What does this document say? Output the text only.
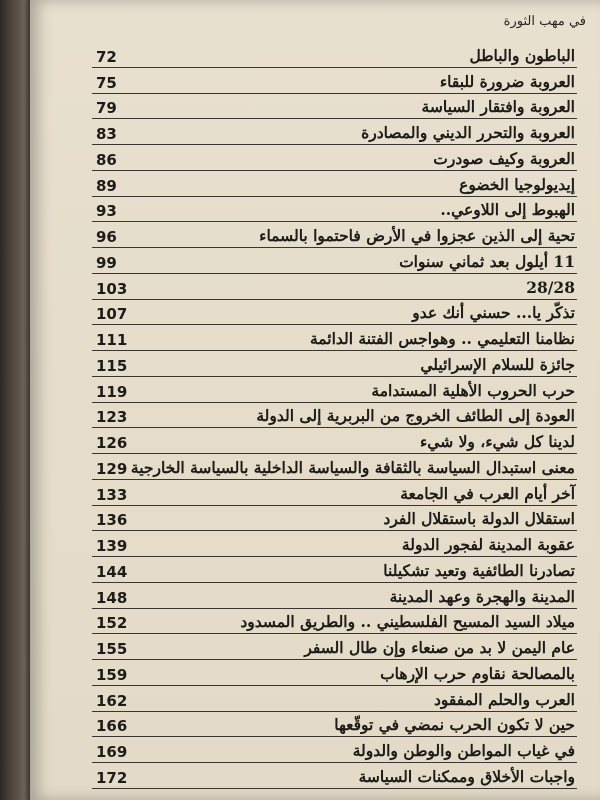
في مهب الثورة
الباطون والباطل
72
العروبة ضرورة للبقاء
75
العروبة وافتقار السياسة
79
العروبة والتحرر الديني والمصادرة
83
العروبة وكيف صودرت
86
إيديولوجيا الخضوع
89
الهبوط إلى اللاوعي..
93
تحية إلى الذين عجزوا في الأرض فاحتموا بالسماء
96
11 أيلول بعد ثماني سنوات
99
28/28
103
تذكّر يا... حسني أنك عدو
107
نظامنا التعليمي .. وهواجس الفتنة الدائمة
111
جائزة للسلام الإسرائيلي
115
حرب الحروب الأهلية المستدامة
119
العودة إلى الطائف الخروج من البربرية إلى الدولة
123
لدينا كل شيء، ولا شيء
126
معنى استبدال السياسة بالثقافة والسياسة الداخلية بالسياسة الخارجية
129
آخر أيام العرب في الجامعة
133
استقلال الدولة باستقلال الفرد
136
عقوبة المدينة لفجور الدولة
139
تصادرنا الطائفية وتعيد تشكيلنا
144
المدينة والهجرة وعهد المدينة
148
ميلاد السيد المسيح الفلسطيني .. والطريق المسدود
152
عام اليمن لا بد من صنعاء وإن طال السفر
155
بالمصالحة نقاوم حرب الإرهاب
159
العرب والحلم المفقود
162
حين لا تكون الحرب نمضي في توقّعها
166
في غياب المواطن والوطن والدولة
169
واجبات الأخلاق وممكنات السياسة
172
